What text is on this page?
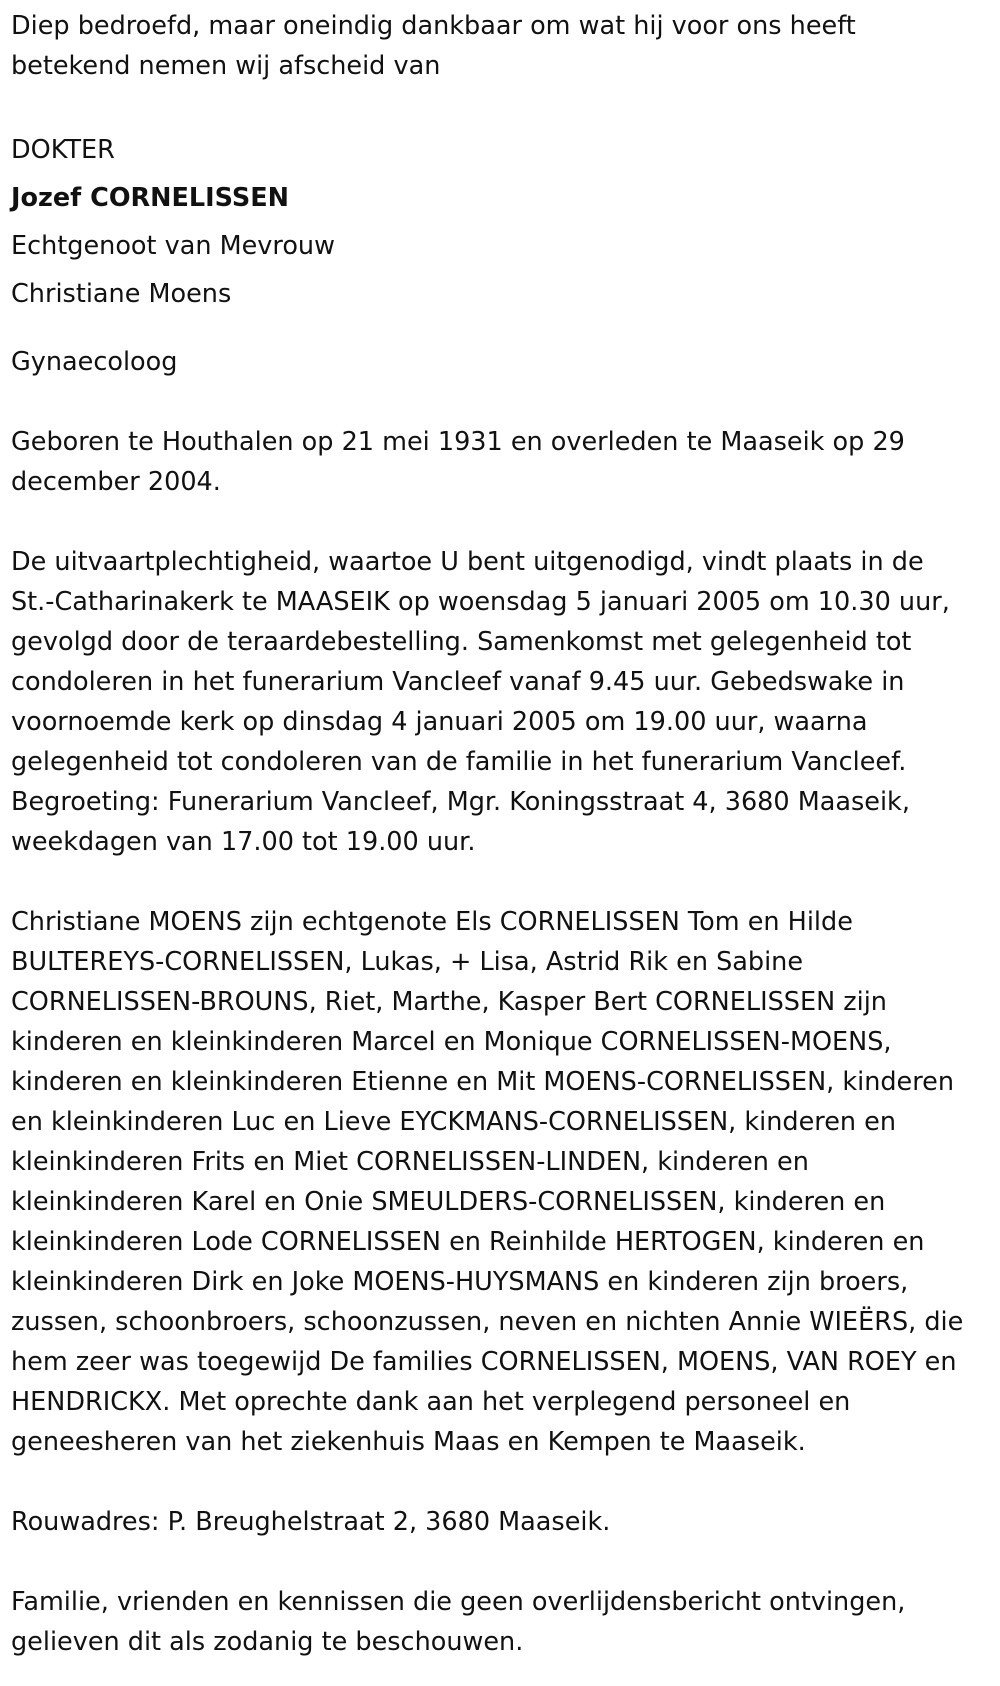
Diep bedroefd, maar oneindig dankbaar om wat hij voor ons heeft
betekend nemen wij afscheid van
DOKTER
Jozef CORNELISSEN
Echtgenoot van Mevrouw
Christiane Moens
Gynaecoloog
Geboren te Houthalen op 21 mei 1931 en overleden te Maaseik op 29
december 2004.
De uitvaartplechtigheid, waartoe U bent uitgenodigd, vindt plaats in de
St.-Catharinakerk te MAASEIK op woensdag 5 januari 2005 om 10.30 uur,
gevolgd door de teraardebestelling. Samenkomst met gelegenheid tot
condoleren in het funerarium Vancleef vanaf 9.45 uur. Gebedswake in
voornoemde kerk op dinsdag 4 januari 2005 om 19.00 uur, waarna
gelegenheid tot condoleren van de familie in het funerarium Vancleef.
Begroeting: Funerarium Vancleef, Mgr. Koningsstraat 4, 3680 Maaseik,
weekdagen van 17.00 tot 19.00 uur.
Christiane MOENS zijn echtgenote Els CORNELISSEN Tom en Hilde
BULTEREYS-CORNELISSEN, Lukas, + Lisa, Astrid Rik en Sabine
CORNELISSEN-BROUNS, Riet, Marthe, Kasper Bert CORNELISSEN zijn
kinderen en kleinkinderen Marcel en Monique CORNELISSEN-MOENS,
kinderen en kleinkinderen Etienne en Mit MOENS-CORNELISSEN, kinderen
en kleinkinderen Luc en Lieve EYCKMANS-CORNELISSEN, kinderen en
kleinkinderen Frits en Miet CORNELISSEN-LINDEN, kinderen en
kleinkinderen Karel en Onie SMEULDERS-CORNELISSEN, kinderen en
kleinkinderen Lode CORNELISSEN en Reinhilde HERTOGEN, kinderen en
kleinkinderen Dirk en Joke MOENS-HUYSMANS en kinderen zijn broers,
zussen, schoonbroers, schoonzussen, neven en nichten Annie WIEËRS, die
hem zeer was toegewijd De families CORNELISSEN, MOENS, VAN ROEY en
HENDRICKX. Met oprechte dank aan het verplegend personeel en
geneesheren van het ziekenhuis Maas en Kempen te Maaseik.
Rouwadres: P. Breughelstraat 2, 3680 Maaseik.
Familie, vrienden en kennissen die geen overlijdensbericht ontvingen,
gelieven dit als zodanig te beschouwen.
